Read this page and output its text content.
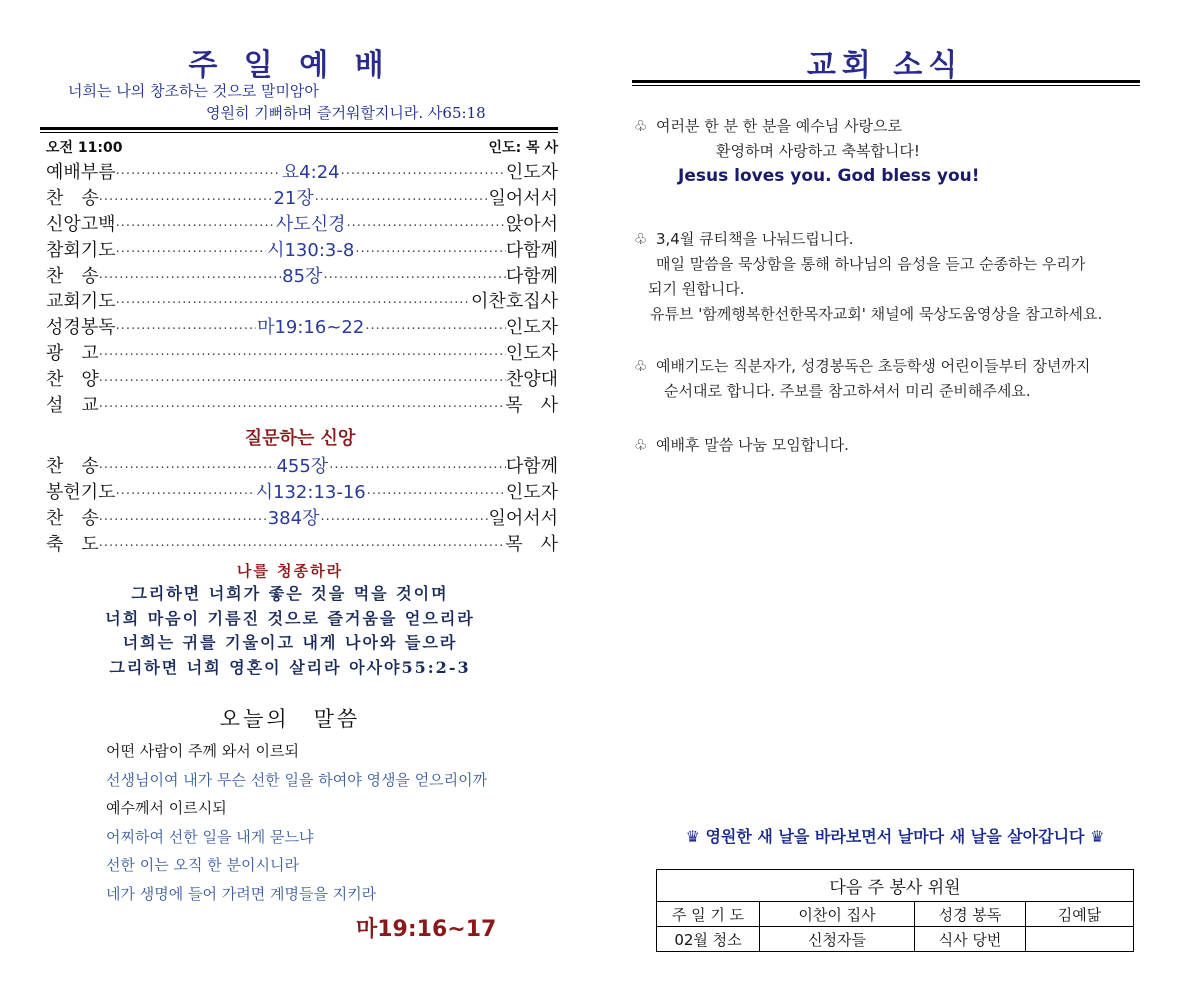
주 일 예 배
너희는 나의 창조하는 것으로 말미암아
영원히 기뻐하며 즐거워할지니라. 사65:18
오전 11:00	인도: 목 사
예배부름 ·····	요4:24 ·····	인도자
찬　송 ·····	21장 ·····	일어서서
신앙고백 ·····	사도신경 ·····	앉아서
참회기도 ·····	시130:3-8 ·····	다함께
찬　송 ·····	85장 ·····	다함께
교회기도 ·····	이찬호집사
성경봉독 ·····	마19:16~22 ·····	인도자
광　고 ·····	인도자
찬　양 ·····	찬양대
설　교 ·····	목　사
질문하는 신앙
찬　송 ·····	455장 ·····	다함께
봉헌기도 ·····	시132:13-16 ·····	인도자
찬　송 ·····	384장 ·····	일어서서
축　도 ·····	목　사
나를 청종하라
그리하면 너희가 좋은 것을 먹을 것이며
너희 마음이 기름진 것으로 즐거움을 얻으리라
너희는 귀를 기울이고 내게 나아와 들으라
그리하면 너희 영혼이 살리라 아사야55:2-3
오늘의　말씀
어떤 사람이 주께 와서 이르되
선생님이여 내가 무슨 선한 일을 하여야 영생을 얻으리이까
예수께서 이르시되
어찌하여 선한 일을 내게 묻느냐
선한 이는 오직 한 분이시니라
네가 생명에 들어 가려면 계명들을 지키라
마19:16~17
교회 소식
♧ 여러분 한 분 한 분을 예수님 사랑으로
환영하며 사랑하고 축복합니다!
Jesus loves you. God bless you!
♧ 3,4월 큐티책을 나눠드립니다.
매일 말씀을 묵상함을 통해 하나님의 음성을 듣고 순종하는 우리가
되기 원합니다.
유튜브 '함께행복한선한목자교회' 채널에 묵상도움영상을 참고하세요.
♧ 예배기도는 직분자가, 성경봉독은 초등학생 어린이들부터 장년까지
순서대로 합니다. 주보를 참고하셔서 미리 준비해주세요.
♧ 예배후 말씀 나눔 모임합니다.
♛ 영원한 새 날을 바라보면서 날마다 새 날을 살아갑니다 ♛
다음 주 봉사 위원			
주 일 기 도	이찬이 집사	성경 봉독	김예닮
02월 청소	신청자들	식사 당번	
